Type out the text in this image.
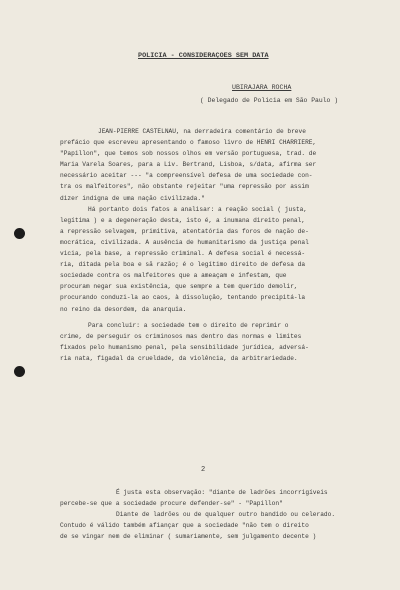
POLICIA - CONSIDERAÇOES SEM DATA
UBIRAJARA ROCHA
( Delegado de Policia em São Paulo )
JEAN-PIERRE CASTELNAU, na derradeira comentário de breve
prefácio que escreveu apresentando o famoso livro de HENRI CHARRIERE,
"Papillon", que temos sob nossos olhos em versão portuguesa, trad. de
Maria Varela Soares, para a Liv. Bertrand, Lisboa, s/data, afirma ser
necessário aceitar --- "a compreensível defesa de uma sociedade con-
tra os malfeitores", não obstante rejeitar "uma repressão por assim
dizer indigna de uma nação civilizada."
Há portanto dois fatos a analisar: a reação social ( justa,
legítima ) e a degeneração desta, isto é, a inumana direito penal,
a repressão selvagem, primitiva, atentatória das foros de nação de-
mocrática, civilizada. A ausência de humanitarismo da justiça penal
vicia, pela base, a repressão criminal. A defesa social é necessá-
ria, ditada pela boa e sã razão; é o legítimo direito de defesa da
sociedade contra os malfeitores que a ameaçam e infestam, que
procuram negar sua existência, que sempre a tem querido demolir,
procurando conduzi-la ao caos, à dissolução, tentando precipitá-la
no reino da desordem, da anarquia.
Para concluir: a sociedade tem o direito de reprimir o
crime, de perseguir os criminosos mas dentro das normas e limites
fixados pelo humanismo penal, pela sensibilidade jurídica, adversá-
ria nata, figadal da crueldade, da violência, da arbitrariedade.
2
É justa esta observação: "diante de ladrões incorrigíveis
percebe-se que a sociedade procure defender-se" - "Papillon"
Diante de ladrões ou de qualquer outro bandido ou celerado.
Contudo é válido também afiançar que a sociedade "não tem o direito
de se vingar nem de eliminar ( sumariamente, sem julgamento decente )
